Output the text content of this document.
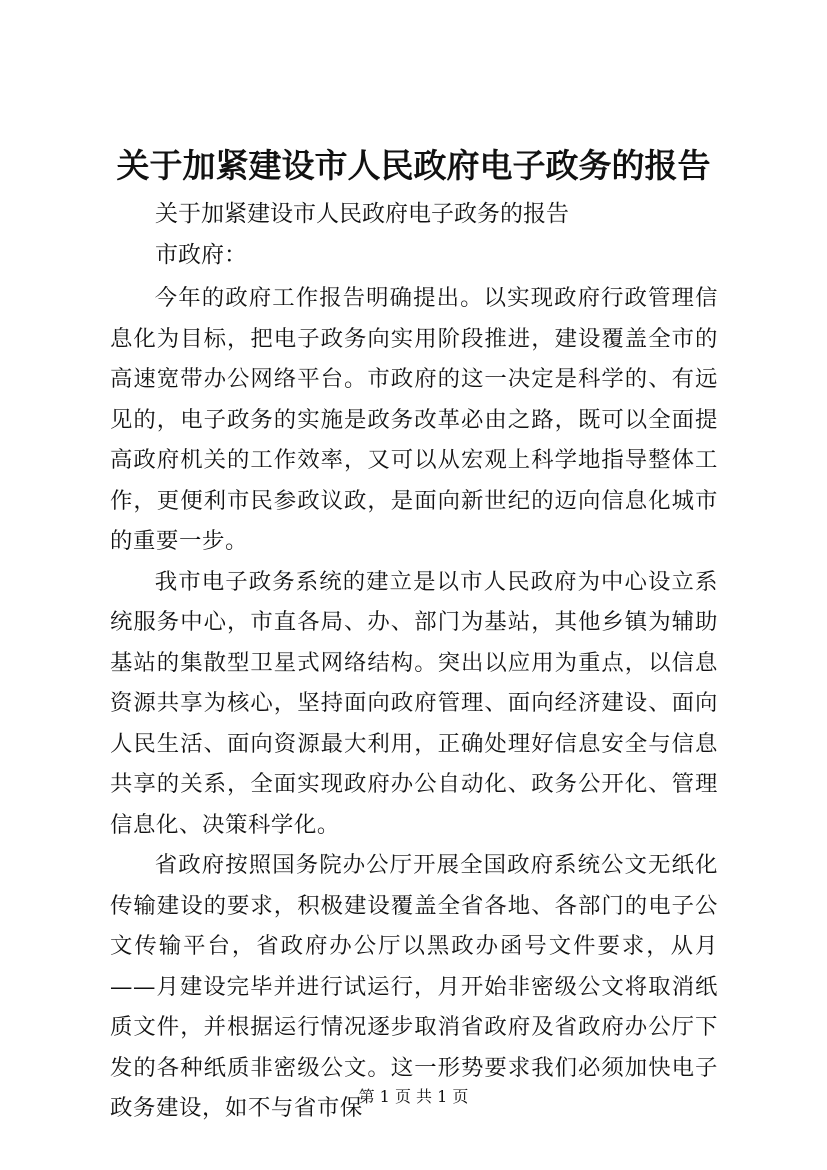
关于加紧建设市人民政府电子政务的报告
关于加紧建设市人民政府电子政务的报告
市政府：

今年的政府工作报告明确提出。以实现政府行政管理信息化为目标，把电子政务向实用阶段推进，建设覆盖全市的高速宽带办公网络平台。市政府的这一决定是科学的、有远见的，电子政务的实施是政务改革必由之路，既可以全面提高政府机关的工作效率，又可以从宏观上科学地指导整体工作，更便利市民参政议政，是面向新世纪的迈向信息化城市的重要一步。

我市电子政务系统的建立是以市人民政府为中心设立系统服务中心，市直各局、办、部门为基站，其他乡镇为辅助基站的集散型卫星式网络结构。突出以应用为重点，以信息资源共享为核心，坚持面向政府管理、面向经济建设、面向人民生活、面向资源最大利用，正确处理好信息安全与信息共享的关系，全面实现政府办公自动化、政务公开化、管理信息化、决策科学化。

省政府按照国务院办公厅开展全国政府系统公文无纸化传输建设的要求，积极建设覆盖全省各地、各部门的电子公文传输平台，省政府办公厅以黑政办函号文件要求，从月——月建设完毕并进行试运行，月开始非密级公文将取消纸质文件，并根据运行情况逐步取消省政府及省政府办公厅下发的各种纸质非密级公文。这一形势要求我们必须加快电子政务建设，如不与省市保

第 1 页 共 1 页
